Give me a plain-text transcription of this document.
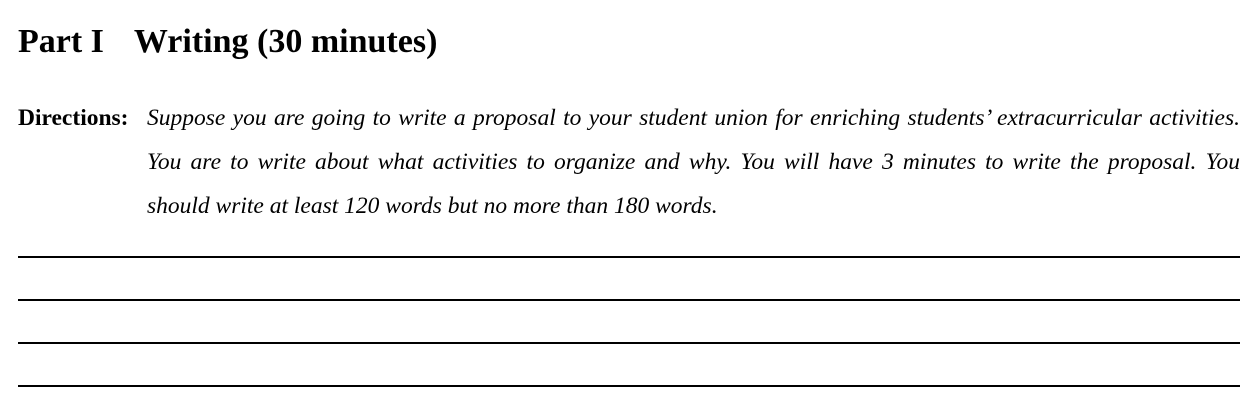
Part I Writing (30 minutes)
Directions: Suppose you are going to write a proposal to your student union for enriching students’ extracurricular activities. You are to write about what activities to organize and why. You will have 3 minutes to write the proposal. You should write at least 120 words but no more than 180 words.
